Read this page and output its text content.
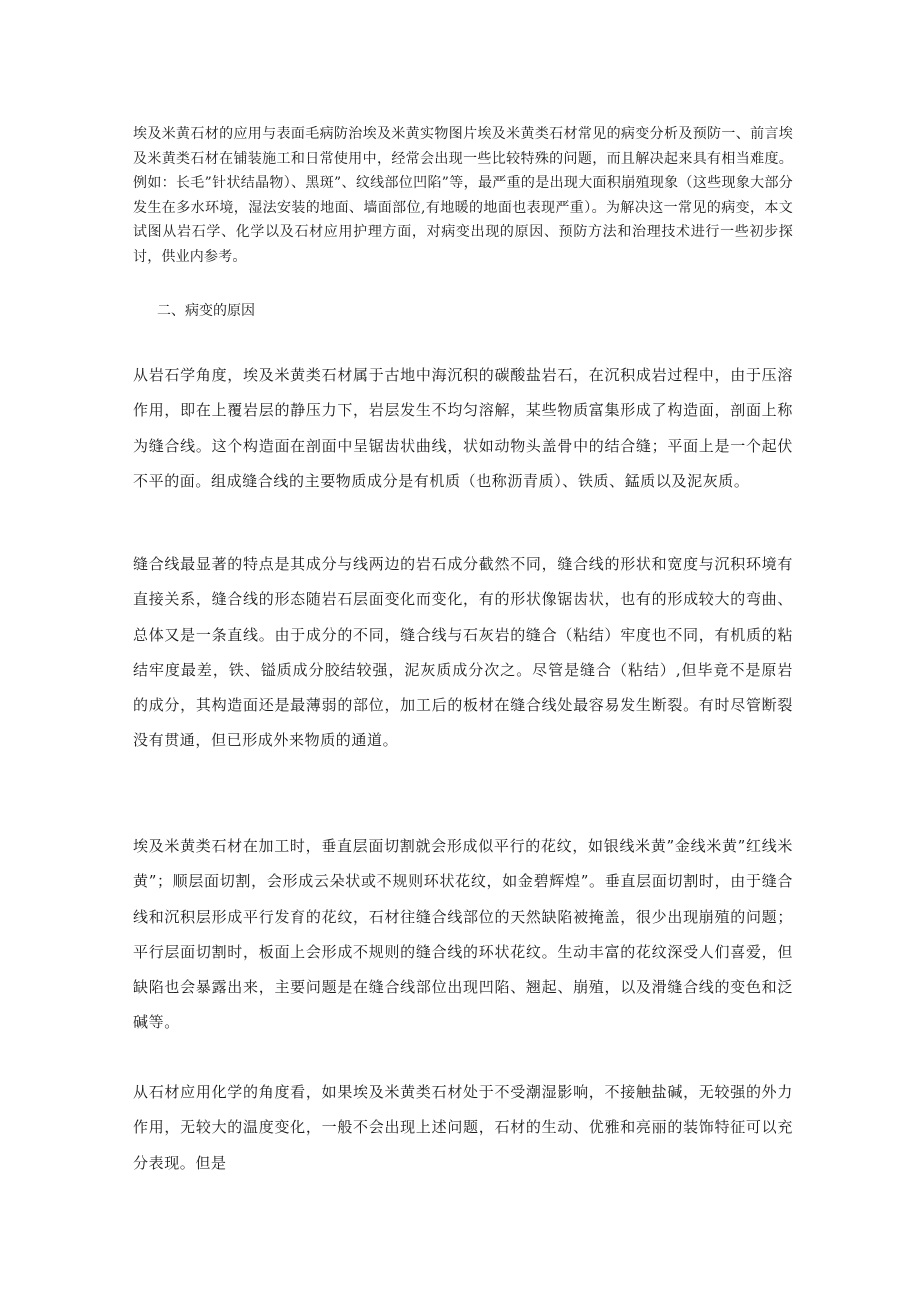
埃及米黄石材的应用与表面毛病防治埃及米黄实物图片埃及米黄类石材常见的病变分析及预防一、前言埃及米黄类石材在铺装施工和日常使用中，经常会出现一些比较特殊的问题，而且解决起来具有相当难度。例如：长毛”针状结晶物）、黑斑”、纹线部位凹陷”等，最严重的是出现大面积崩殖现象（这些现象大部分发生在多水环境，湿法安装的地面、墙面部位,有地暖的地面也表现严重）。为解决这一常见的病变，本文试图从岩石学、化学以及石材应用护理方面，对病变出现的原因、预防方法和治理技术进行一些初步探讨，供业内参考。

二、病变的原因

从岩石学角度，埃及米黄类石材属于古地中海沉积的碳酸盐岩石，在沉积成岩过程中，由于压溶作用，即在上覆岩层的静压力下，岩层发生不均匀溶解，某些物质富集形成了构造面，剖面上称为缝合线。这个构造面在剖面中呈锯齿状曲线，状如动物头盖骨中的结合缝；平面上是一个起伏不平的面。组成缝合线的主要物质成分是有机质（也称沥青质）、铁质、錳质以及泥灰质。

缝合线最显著的特点是其成分与线两边的岩石成分截然不同，缝合线的形状和宽度与沉积环境有直接关系，缝合线的形态随岩石层面变化而变化，有的形状像锯齿状，也有的形成较大的弯曲、总体又是一条直线。由于成分的不同，缝合线与石灰岩的缝合（粘结）牢度也不同，有机质的粘结牢度最差，铁、镒质成分胶结较强，泥灰质成分次之。尽管是缝合（粘结）,但毕竟不是原岩的成分，其构造面还是最薄弱的部位，加工后的板材在缝合线处最容易发生断裂。有时尽管断裂没有贯通，但已形成外来物质的通道。

埃及米黄类石材在加工时，垂直层面切割就会形成似平行的花纹，如银线米黄”金线米黄”红线米黄”；顺层面切割，会形成云朵状或不规则环状花纹，如金碧辉煌”。垂直层面切割时，由于缝合线和沉积层形成平行发育的花纹，石材往缝合线部位的天然缺陷被掩盖，很少出现崩殖的问题；平行层面切割时，板面上会形成不规则的缝合线的环状花纹。生动丰富的花纹深受人们喜爱，但缺陷也会暴露出来，主要问题是在缝合线部位出现凹陷、翘起、崩殖，以及滑缝合线的变色和泛碱等。

从石材应用化学的角度看，如果埃及米黄类石材处于不受潮湿影响，不接触盐碱，无较强的外力作用，无较大的温度变化，一般不会出现上述问题，石材的生动、优雅和亮丽的装饰特征可以充分表现。但是
